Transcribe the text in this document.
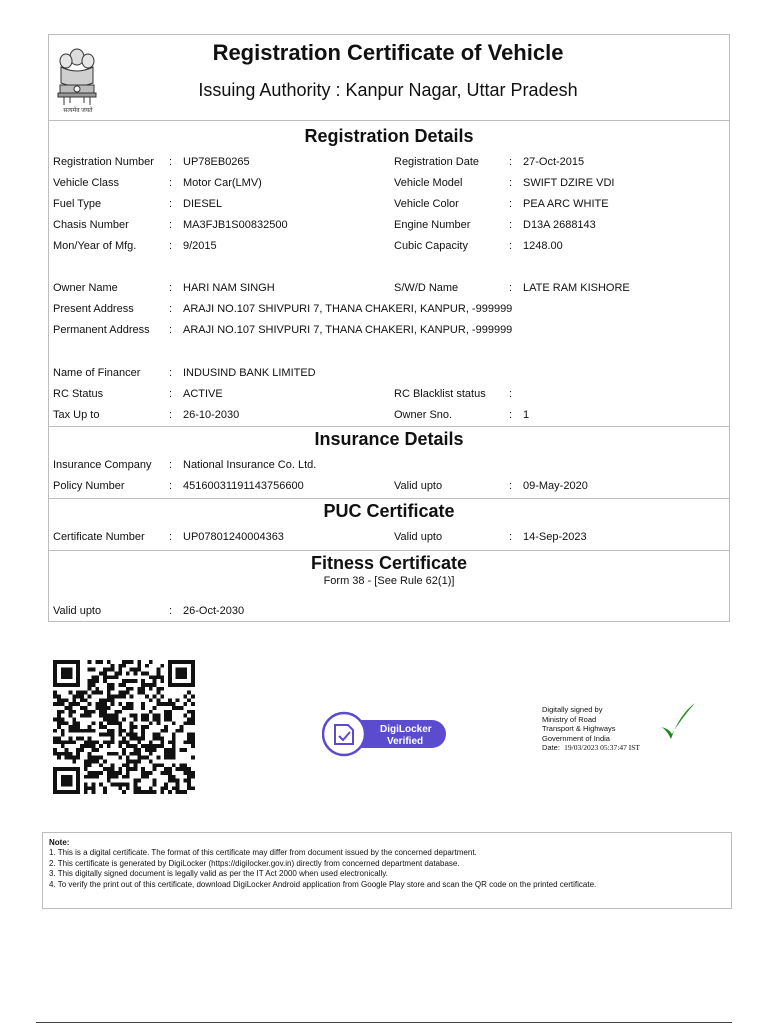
सत्यमेव जयते
Registration Certificate of Vehicle
Issuing Authority : Kanpur Nagar, Uttar Pradesh
Registration Details
Registration Number : UP78EB0265	Registration Date	: 27-Oct-2015
Vehicle Class	: Motor Car(LMV)	Vehicle Model	: SWIFT DZIRE VDI
Fuel Type	: DIESEL	Vehicle Color	: PEA ARC WHITE
Chasis Number	: MA3FJB1S00832500	Engine Number	: D13A 2688143
Mon/Year of Mfg.	: 9/2015	Cubic Capacity	: 1248.00
Owner Name	: HARI NAM SINGH	S/W/D Name	: LATE RAM KISHORE
Present Address	: ARAJI NO.107 SHIVPURI 7, THANA CHAKERI, KANPUR, -999999
Permanent Address : ARAJI NO.107 SHIVPURI 7, THANA CHAKERI, KANPUR, -999999
Name of Financer	: INDUSIND BANK LIMITED
RC Status	: ACTIVE	RC Blacklist status :
Tax Up to	: 26-10-2030	Owner Sno.	: 1
Insurance Details
Insurance Company : National Insurance Co. Ltd.
Policy Number	: 45160031191143756600	Valid upto	: 09-May-2020
PUC Certificate
Certificate Number : UP07801240004363	Valid upto	: 14-Sep-2023
Fitness Certificate
Form 38 - [See Rule 62(1)]
Valid upto	: 26-Oct-2030
DigiLocker
Verified
Digitally signed by
Ministry of Road
Transport & Highways
Government of India
Date: 19/03/2023 05:37:47 IST
Note:
1. This is a digital certificate. The format of this certificate may differ from document issued by the concerned department.
2. This certificate is generated by DigiLocker (https://digilocker.gov.in) directly from concerned department database.
3. This digitally signed document is legally valid as per the IT Act 2000 when used electronically.
4. To verify the print out of this certificate, download DigiLocker Android application from Google Play store and scan the QR code on the printed certificate.
